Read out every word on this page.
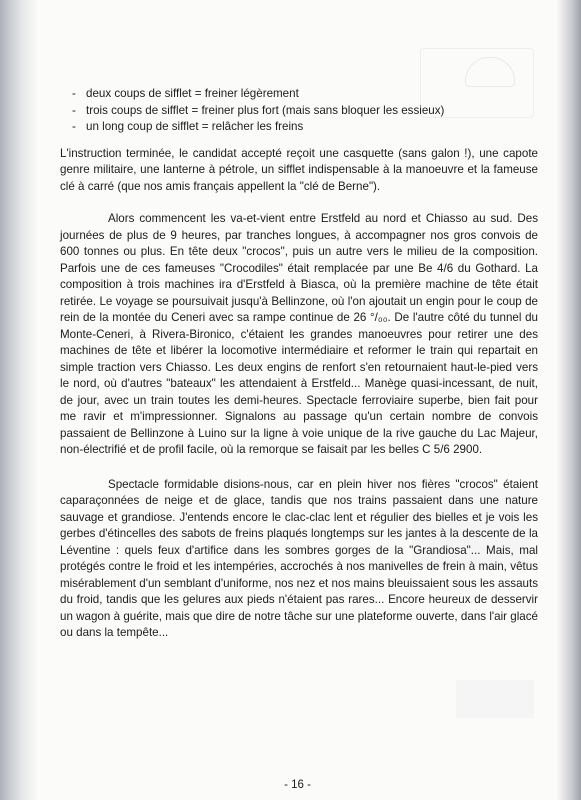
- deux coups de sifflet = freiner légèrement
- trois coups de sifflet = freiner plus fort (mais sans bloquer les essieux)
- un long coup de sifflet = relâcher les freins

L'instruction terminée, le candidat accepté reçoit une casquette (sans galon !), une capote genre militaire, une lanterne à pétrole, un sifflet indispensable à la manoeuvre et la fameuse clé à carré (que nos amis français appellent la "clé de Berne").

Alors commencent les va-et-vient entre Erstfeld au nord et Chiasso au sud. Des journées de plus de 9 heures, par tranches longues, à accompagner nos gros convois de 600 tonnes ou plus. En tête deux "crocos", puis un autre vers le milieu de la composition. Parfois une de ces fameuses "Crocodiles" était remplacée par une Be 4/6 du Gothard. La composition à trois machines ira d'Erstfeld à Biasca, où la première machine de tête était retirée. Le voyage se poursuivait jusqu'à Bellinzone, où l'on ajoutait un engin pour le coup de rein de la montée du Ceneri avec sa rampe continue de 26 °/₀₀. De l'autre côté du tunnel du Monte-Ceneri, à Rivera-Bironico, c'étaient les grandes manoeuvres pour retirer une des machines de tête et libérer la locomotive intermédiaire et reformer le train qui repartait en simple traction vers Chiasso. Les deux engins de renfort s'en retournaient haut-le-pied vers le nord, où d'autres "bateaux" les attendaient à Erstfeld... Manège quasi-incessant, de nuit, de jour, avec un train toutes les demi-heures. Spectacle ferroviaire superbe, bien fait pour me ravir et m'impressionner. Signalons au passage qu'un certain nombre de convois passaient de Bellinzone à Luino sur la ligne à voie unique de la rive gauche du Lac Majeur, non-électrifié et de profil facile, où la remorque se faisait par les belles C 5/6 2900.

Spectacle formidable disions-nous, car en plein hiver nos fières "crocos" étaient caparaçonnées de neige et de glace, tandis que nos trains passaient dans une nature sauvage et grandiose. J'entends encore le clac-clac lent et régulier des bielles et je vois les gerbes d'étincelles des sabots de freins plaqués longtemps sur les jantes à la descente de la Léventine : quels feux d'artifice dans les sombres gorges de la "Grandiosa"... Mais, mal protégés contre le froid et les intempéries, accrochés à nos manivelles de frein à main, vêtus misérablement d'un semblant d'uniforme, nos nez et nos mains bleuissaient sous les assauts du froid, tandis que les gelures aux pieds n'étaient pas rares... Encore heureux de desservir un wagon à guérite, mais que dire de notre tâche sur une plateforme ouverte, dans l'air glacé ou dans la tempête...

- 16 -
